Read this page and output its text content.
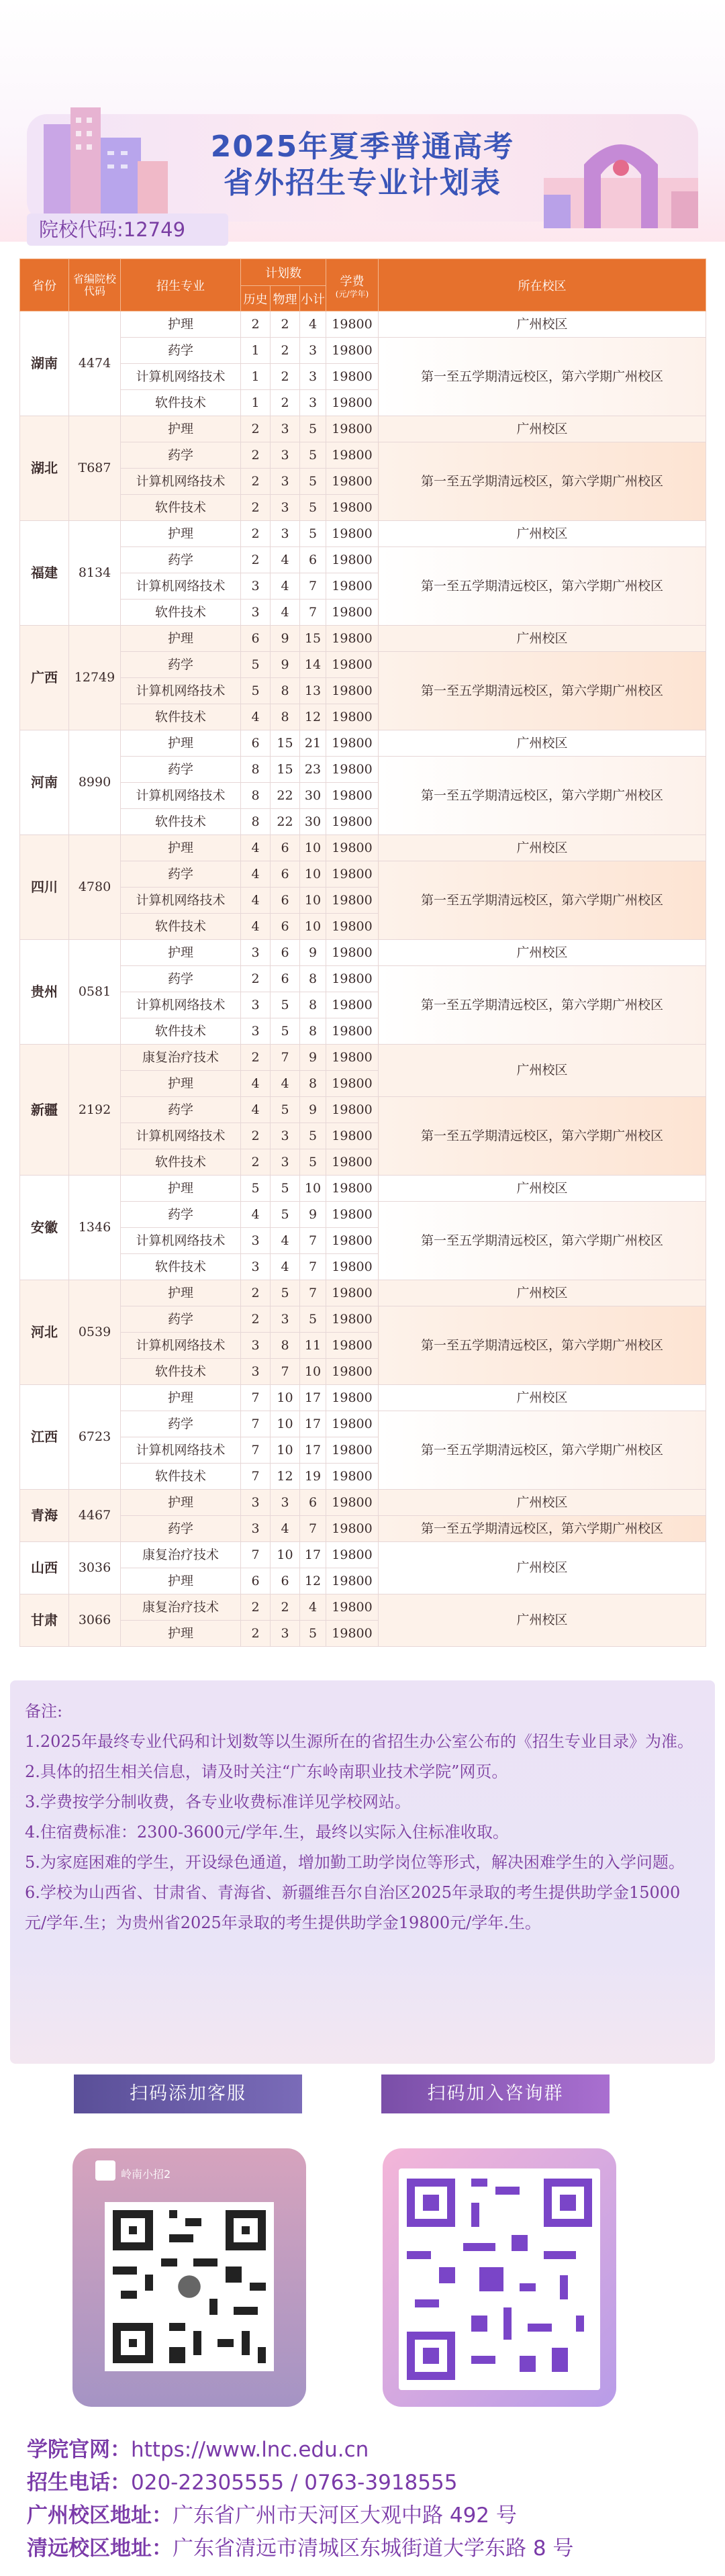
2025年夏季普通高考
省外招生专业计划表
院校代码:12749
省份	省编院校代码	招生专业	计划数			学费
(元/学年)	所在校区
			历史	物理	小计		
湖南	4474	护理	2	2	4	19800	广州校区
		药学	1	2	3	19800	第一至五学期清远校区，第六学期广州校区
		计算机网络技术	1	2	3	19800	
		软件技术	1	2	3	19800	
湖北	T687	护理	2	3	5	19800	广州校区
		药学	2	3	5	19800	第一至五学期清远校区，第六学期广州校区
		计算机网络技术	2	3	5	19800	
		软件技术	2	3	5	19800	
福建	8134	护理	2	3	5	19800	广州校区
		药学	2	4	6	19800	第一至五学期清远校区，第六学期广州校区
		计算机网络技术	3	4	7	19800	
		软件技术	3	4	7	19800	
广西	12749	护理	6	9	15	19800	广州校区
		药学	5	9	14	19800	第一至五学期清远校区，第六学期广州校区
		计算机网络技术	5	8	13	19800	
		软件技术	4	8	12	19800	
河南	8990	护理	6	15	21	19800	广州校区
		药学	8	15	23	19800	第一至五学期清远校区，第六学期广州校区
		计算机网络技术	8	22	30	19800	
		软件技术	8	22	30	19800	
四川	4780	护理	4	6	10	19800	广州校区
		药学	4	6	10	19800	第一至五学期清远校区，第六学期广州校区
		计算机网络技术	4	6	10	19800	
		软件技术	4	6	10	19800	
贵州	0581	护理	3	6	9	19800	广州校区
		药学	2	6	8	19800	第一至五学期清远校区，第六学期广州校区
		计算机网络技术	3	5	8	19800	
		软件技术	3	5	8	19800	
新疆	2192	康复治疗技术	2	7	9	19800	广州校区
		护理	4	4	8	19800	
		药学	4	5	9	19800	第一至五学期清远校区，第六学期广州校区
		计算机网络技术	2	3	5	19800	
		软件技术	2	3	5	19800	
安徽	1346	护理	5	5	10	19800	广州校区
		药学	4	5	9	19800	第一至五学期清远校区，第六学期广州校区
		计算机网络技术	3	4	7	19800	
		软件技术	3	4	7	19800	
河北	0539	护理	2	5	7	19800	广州校区
		药学	2	3	5	19800	第一至五学期清远校区，第六学期广州校区
		计算机网络技术	3	8	11	19800	
		软件技术	3	7	10	19800	
江西	6723	护理	7	10	17	19800	广州校区
		药学	7	10	17	19800	第一至五学期清远校区，第六学期广州校区
		计算机网络技术	7	10	17	19800	
		软件技术	7	12	19	19800	
青海	4467	护理	3	3	6	19800	广州校区
		药学	3	4	7	19800	第一至五学期清远校区，第六学期广州校区
山西	3036	康复治疗技术	7	10	17	19800	广州校区
		护理	6	6	12	19800	
甘肃	3066	康复治疗技术	2	2	4	19800	广州校区
		护理	2	3	5	19800	

备注:

1.2025年最终专业代码和计划数等以生源所在的省招生办公室公布的《招生专业目录》为准。

2.具体的招生相关信息，请及时关注“广东岭南职业技术学院”网页。

3.学费按学分制收费，各专业收费标准详见学校网站。

4.住宿费标准：2300-3600元/学年.生，最终以实际入住标准收取。

5.为家庭困难的学生，开设绿色通道，增加勤工助学岗位等形式，解决困难学生的入学问题。

6.学校为山西省、甘肃省、青海省、新疆维吾尔自治区2025年录取的考生提供助学金15000元/学年.生；为贵州省2025年录取的考生提供助学金19800元/学年.生。

扫码添加客服	扫码加入咨询群
岭南小招2
学院官网：https://www.lnc.edu.cn
招生电话：020-22305555 / 0763-3918555
广州校区地址：广东省广州市天河区大观中路 492 号
清远校区地址：广东省清远市清城区东城街道大学东路 8 号
